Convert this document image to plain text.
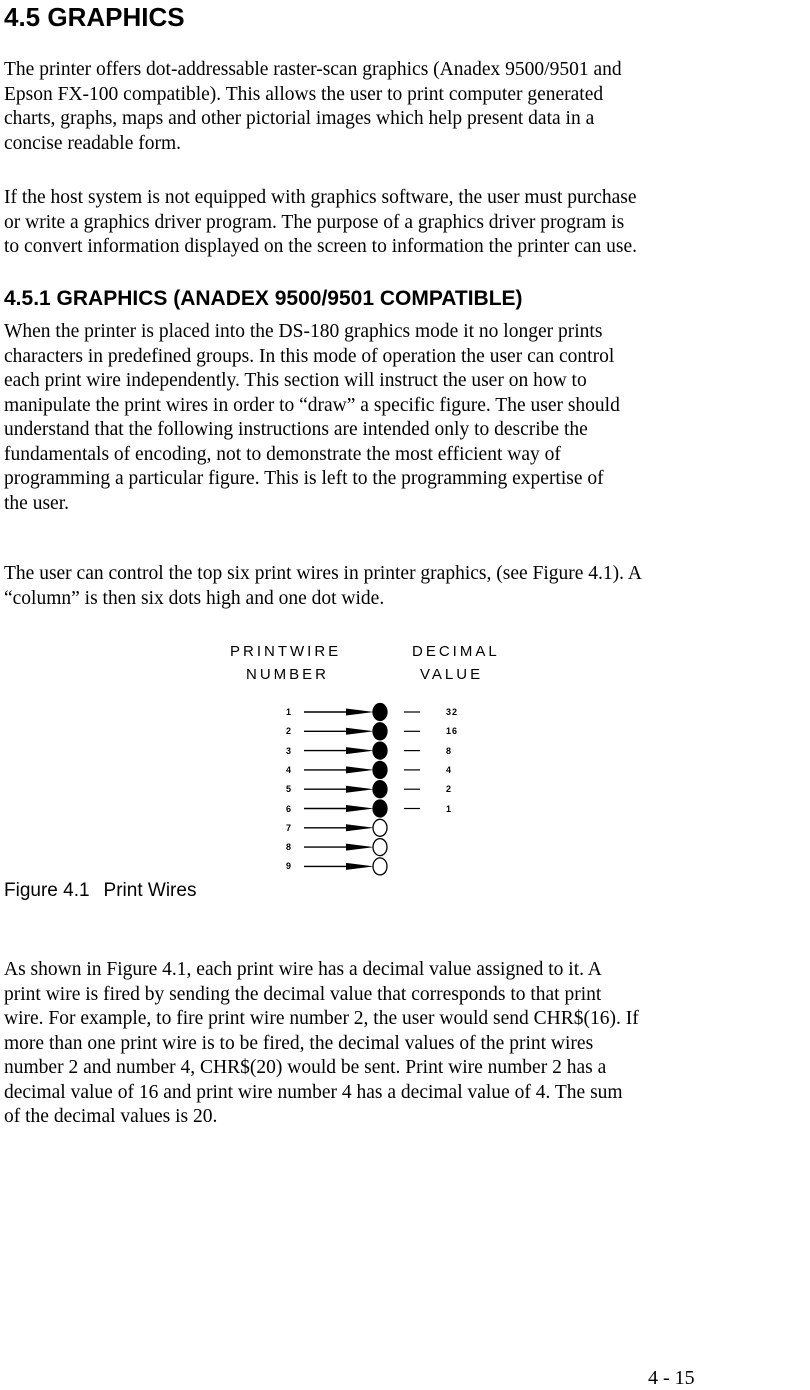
4.5 GRAPHICS
The printer offers dot-addressable raster-scan graphics (Anadex 9500/9501 and
Epson FX-100 compatible). This allows the user to print computer generated
charts, graphs, maps and other pictorial images which help present data in a
concise readable form.
If the host system is not equipped with graphics software, the user must purchase
or write a graphics driver program. The purpose of a graphics driver program is
to convert information displayed on the screen to information the printer can use.
4.5.1 GRAPHICS (ANADEX 9500/9501 COMPATIBLE)
When the printer is placed into the DS-180 graphics mode it no longer prints
characters in predefined groups. In this mode of operation the user can control
each print wire independently. This section will instruct the user on how to
manipulate the print wires in order to “draw” a specific figure. The user should
understand that the following instructions are intended only to describe the
fundamentals of encoding, not to demonstrate the most efficient way of
programming a particular figure. This is left to the programming expertise of
the user.
The user can control the top six print wires in printer graphics, (see Figure 4.1). A
“column” is then six dots high and one dot wide.
PRINTWIRE
NUMBER
DECIMAL
VALUE
1	32
2	16
3	8
4	4
5	2
6	1
7
8
9

Figure 4.1 Print Wires

As shown in Figure 4.1, each print wire has a decimal value assigned to it. A
print wire is fired by sending the decimal value that corresponds to that print
wire. For example, to fire print wire number 2, the user would send CHR$(16). If
more than one print wire is to be fired, the decimal values of the print wires
number 2 and number 4, CHR$(20) would be sent. Print wire number 2 has a
decimal value of 16 and print wire number 4 has a decimal value of 4. The sum
of the decimal values is 20.
4 - 15
